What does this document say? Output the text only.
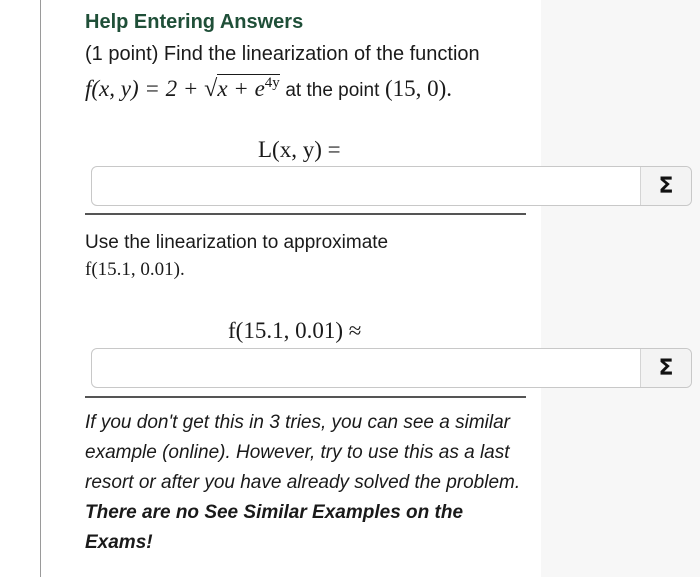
Help Entering Answers
(1 point) Find the linearization of the function
f(x, $y) = 2 + √x + e^{4y}$ at the point (15, 0).
L(x, y) =
Σ
Use the linearization to approximate
f(15.1, 0.01).
f(15.1, 0.01) ≈
Σ
If you don't get this in 3 tries, you can see a similar example (online). However, try to use this as a last resort or after you have already solved the problem. There are no See Similar Examples on the Exams!
